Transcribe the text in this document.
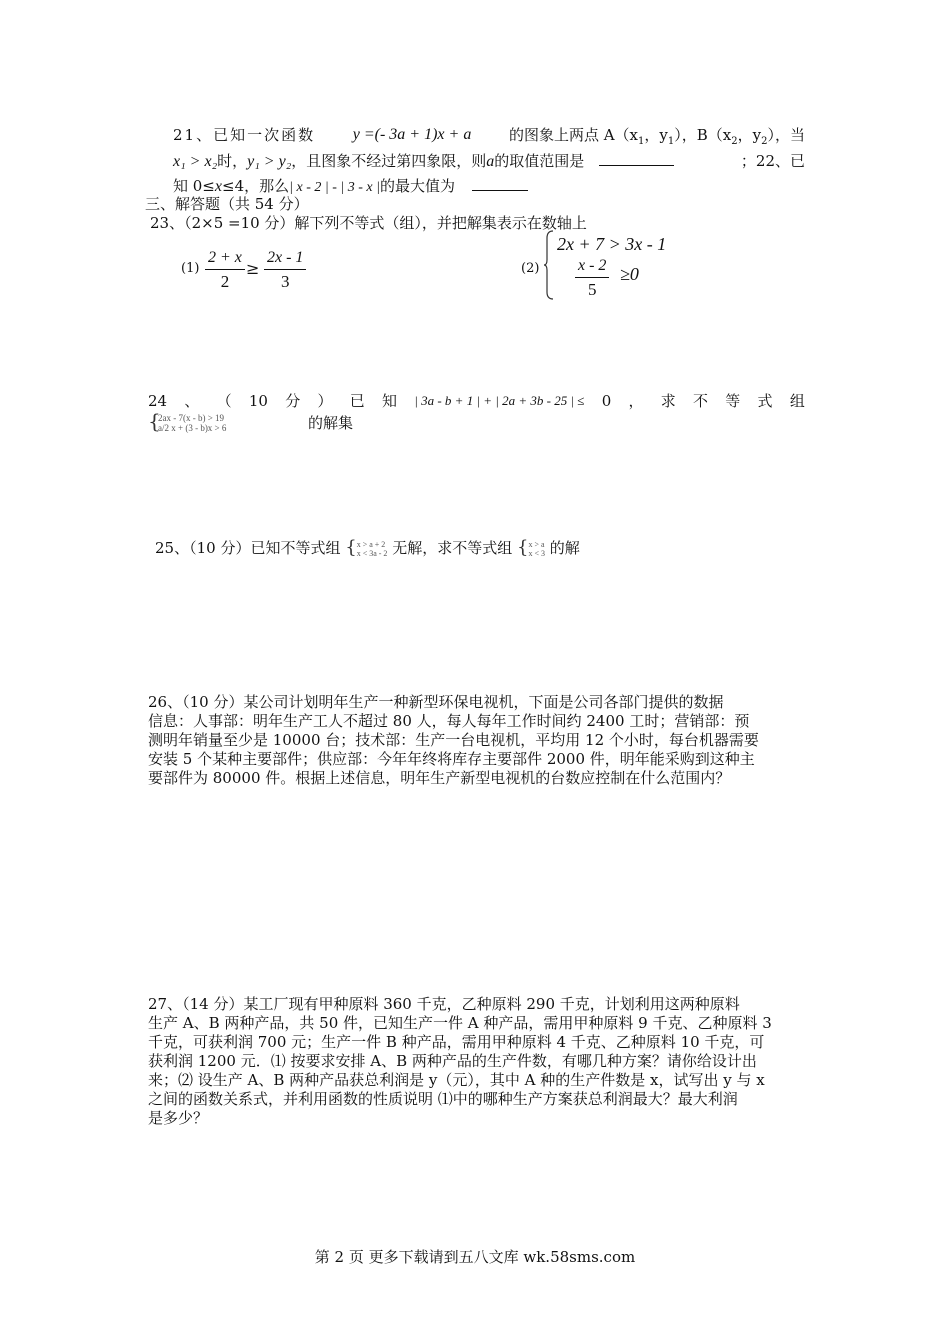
21、已知一次函数 y =(- 3a + 1)x + a	的图象上两点 $A(x_1$，$y_1$），$B(x_2$，$y_2$），当
x₁ > x₂时，y₁ > y₂，且图象不经过第四象限，则a的取值范围是	；22、已
知 0≤x≤4，那么| x - 2 | - | 3 - x |的最大值为
三、解答题（共 54 分）
23、（2×5 =10 分）解下列不等式（组），并把解集表示在数轴上
$(1) \frac{2 + x}{2} \ge \frac{2x - 1}{3}$	(2)
2x + 7 > 3x - 1
$\frac{x - 2}{5} \ge 0$
24 、 （ 10 分 ） 已 知 | 3a - b + 1 | + | 2a + 3b - 25 | ≤ 0 ， 求 不 等 式 组
{
2ax - 7(x - b) > 19
a/2 x + (3 - b)x > 6	的解集
25、（10 分）已知不等式组 { x > a + 2
x < 3a - 2 无解，求不等式组 { x > a
x < 3 的解
26、（10 分）某公司计划明年生产一种新型环保电视机，下面是公司各部门提供的数据
信息：人事部：明年生产工人不超过 80 人，每人每年工作时间约 2400 工时；营销部：预
测明年销量至少是 10000 台；技术部：生产一台电视机，平均用 12 个小时，每台机器需要
安装 5 个某种主要部件；供应部：今年年终将库存主要部件 2000 件，明年能采购到这种主
要部件为 80000 件。根据上述信息，明年生产新型电视机的台数应控制在什么范围内？
27、（14 分）某工厂现有甲种原料 360 千克，乙种原料 290 千克，计划利用这两种原料
生产 A、B 两种产品，共 50 件，已知生产一件 A 种产品，需用甲种原料 9 千克、乙种原料 3
千克，可获利润 700 元；生产一件 B 种产品，需用甲种原料 4 千克、乙种原料 10 千克，可
获利润 1200 元．⑴ 按要求安排 A、B 两种产品的生产件数，有哪几种方案？请你给设计出
来；⑵ 设生产 A、B 两种产品获总利润是 y（元），其中 A 种的生产件数是 x，试写出 y 与 x
之间的函数关系式，并利用函数的性质说明 ⑴中的哪种生产方案获总利润最大？最大利润
是多少？
第 2 页 更多下载请到五八文库 wk.58sms.com
